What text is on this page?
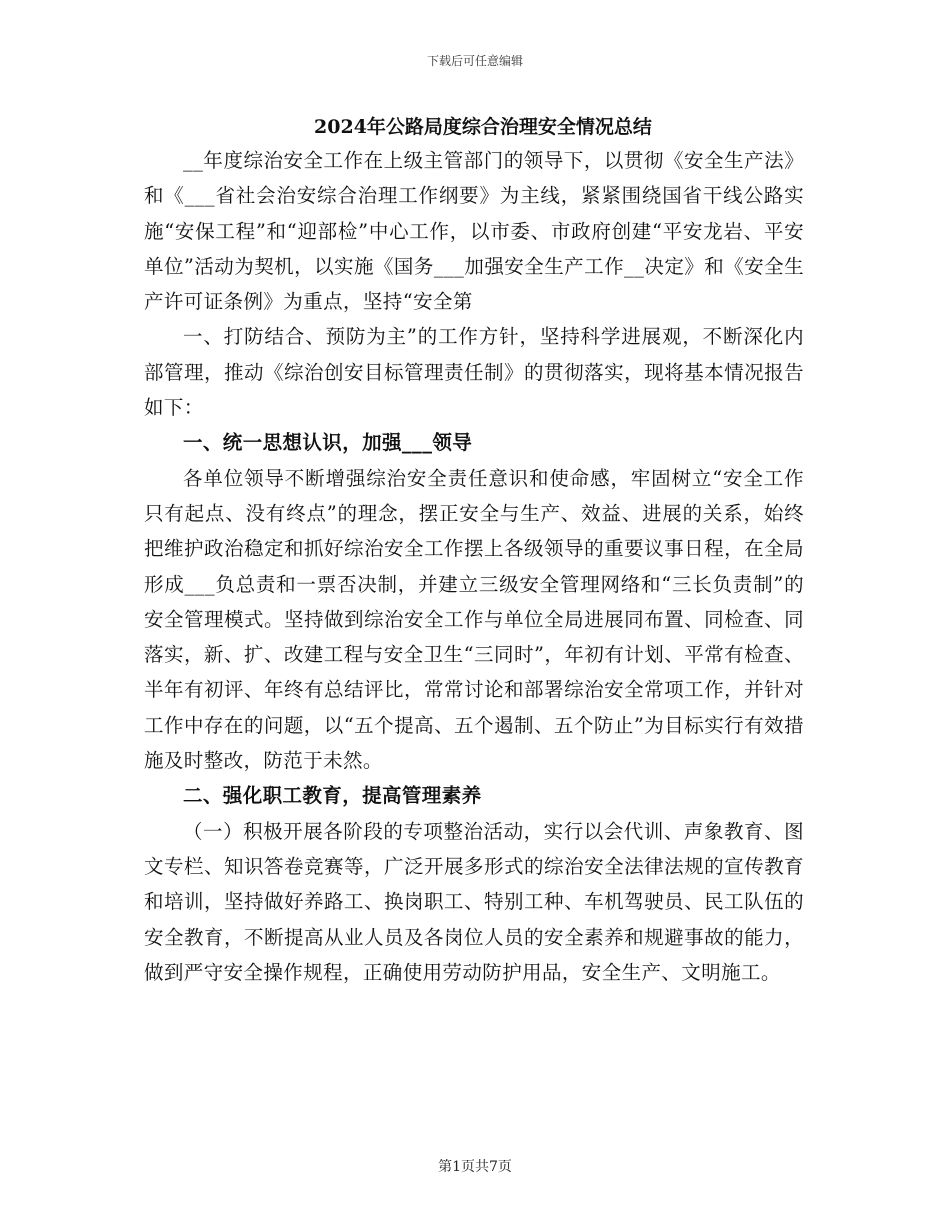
下载后可任意编辑
2024年公路局度综合治理安全情况总结

__年度综治安全工作在上级主管部门的领导下，以贯彻《安全生产法》和《___省社会治安综合治理工作纲要》为主线，紧紧围绕国省干线公路实施“安保工程”和“迎部检”中心工作，以市委、市政府创建“平安龙岩、平安单位”活动为契机，以实施《国务___加强安全生产工作__决定》和《安全生产许可证条例》为重点，坚持“安全第

一、打防结合、预防为主”的工作方针，坚持科学进展观，不断深化内部管理，推动《综治创安目标管理责任制》的贯彻落实，现将基本情况报告如下：

一、统一思想认识，加强___领导

各单位领导不断增强综治安全责任意识和使命感，牢固树立“安全工作只有起点、没有终点”的理念，摆正安全与生产、效益、进展的关系，始终把维护政治稳定和抓好综治安全工作摆上各级领导的重要议事日程，在全局形成___负总责和一票否决制，并建立三级安全管理网络和“三长负责制”的安全管理模式。坚持做到综治安全工作与单位全局进展同布置、同检查、同落实，新、扩、改建工程与安全卫生“三同时”，年初有计划、平常有检查、半年有初评、年终有总结评比，常常讨论和部署综治安全常项工作，并针对工作中存在的问题，以“五个提高、五个遏制、五个防止”为目标实行有效措施及时整改，防范于未然。

二、强化职工教育，提高管理素养

（一）积极开展各阶段的专项整治活动，实行以会代训、声象教育、图文专栏、知识答卷竞赛等，广泛开展多形式的综治安全法律法规的宣传教育和培训，坚持做好养路工、换岗职工、特别工种、车机驾驶员、民工队伍的安全教育，不断提高从业人员及各岗位人员的安全素养和规避事故的能力，做到严守安全操作规程，正确使用劳动防护用品，安全生产、文明施工。

第1页共7页
